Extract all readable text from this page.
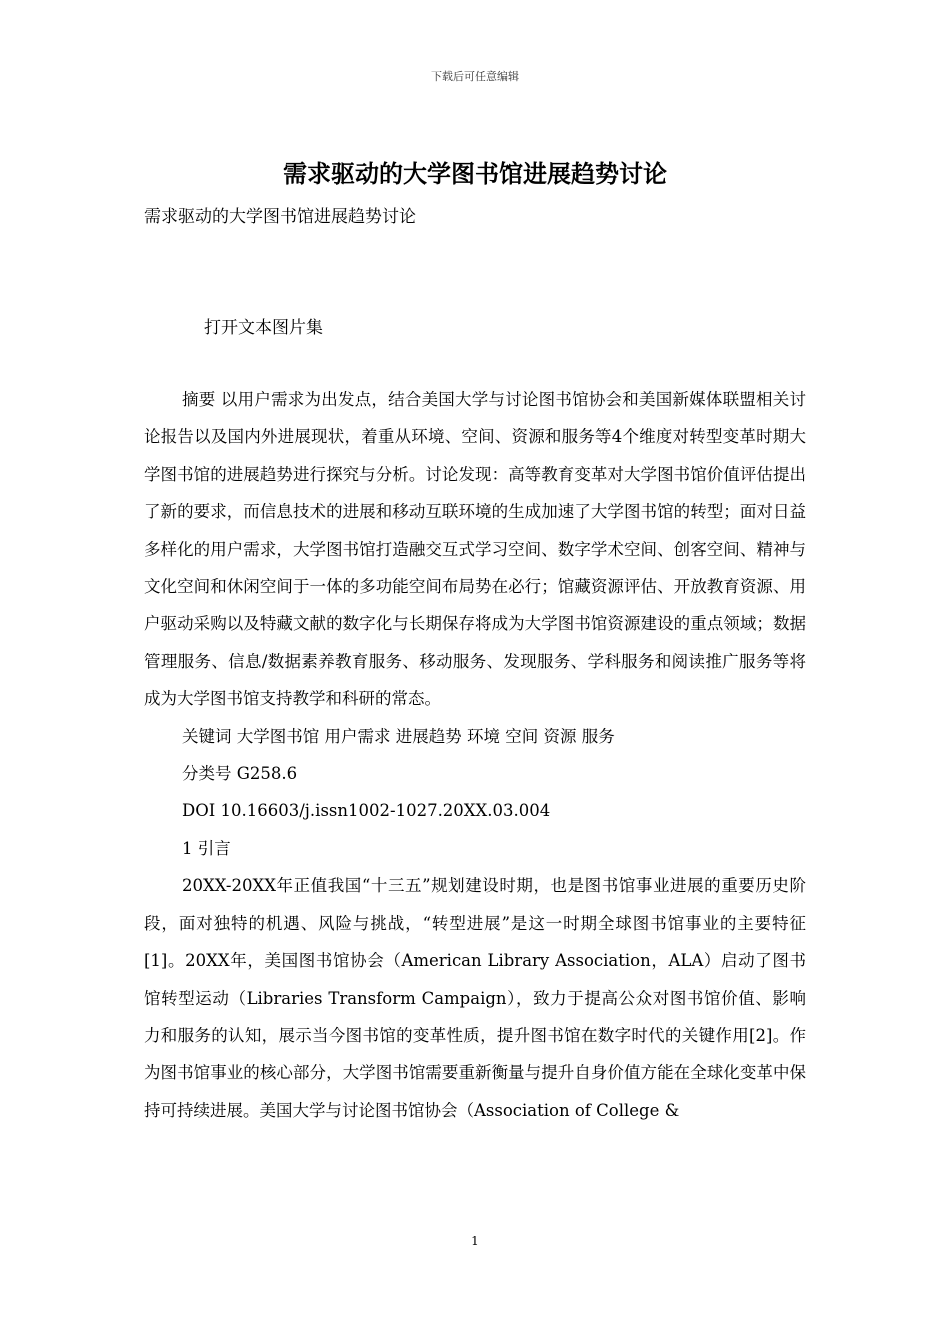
下载后可任意编辑
需求驱动的大学图书馆进展趋势讨论
需求驱动的大学图书馆进展趋势讨论
打开文本图片集

摘要 以用户需求为出发点，结合美国大学与讨论图书馆协会和美国新媒体联盟相关讨论报告以及国内外进展现状，着重从环境、空间、资源和服务等4个维度对转型变革时期大学图书馆的进展趋势进行探究与分析。讨论发现：高等教育变革对大学图书馆价值评估提出了新的要求，而信息技术的进展和移动互联环境的生成加速了大学图书馆的转型；面对日益多样化的用户需求，大学图书馆打造融交互式学习空间、数字学术空间、创客空间、精神与文化空间和休闲空间于一体的多功能空间布局势在必行；馆藏资源评估、开放教育资源、用户驱动采购以及特藏文献的数字化与长期保存将成为大学图书馆资源建设的重点领域；数据管理服务、信息/数据素养教育服务、移动服务、发现服务、学科服务和阅读推广服务等将成为大学图书馆支持教学和科研的常态。

关键词 大学图书馆 用户需求 进展趋势 环境 空间 资源 服务

分类号 G258.6

DOI 10.16603/j.issn1002-1027.20XX.03.004

1 引言

20XX-20XX年正值我国“十三五”规划建设时期，也是图书馆事业进展的重要历史阶段，面对独特的机遇、风险与挑战，“转型进展”是这一时期全球图书馆事业的主要特征[1]。20XX年，美国图书馆协会（American Library Association，ALA）启动了图书馆转型运动（Libraries Transform Campaign），致力于提高公众对图书馆价值、影响力和服务的认知，展示当今图书馆的变革性质，提升图书馆在数字时代的关键作用[2]。作为图书馆事业的核心部分，大学图书馆需要重新衡量与提升自身价值方能在全球化变革中保持可持续进展。美国大学与讨论图书馆协会（Association of College &

1
